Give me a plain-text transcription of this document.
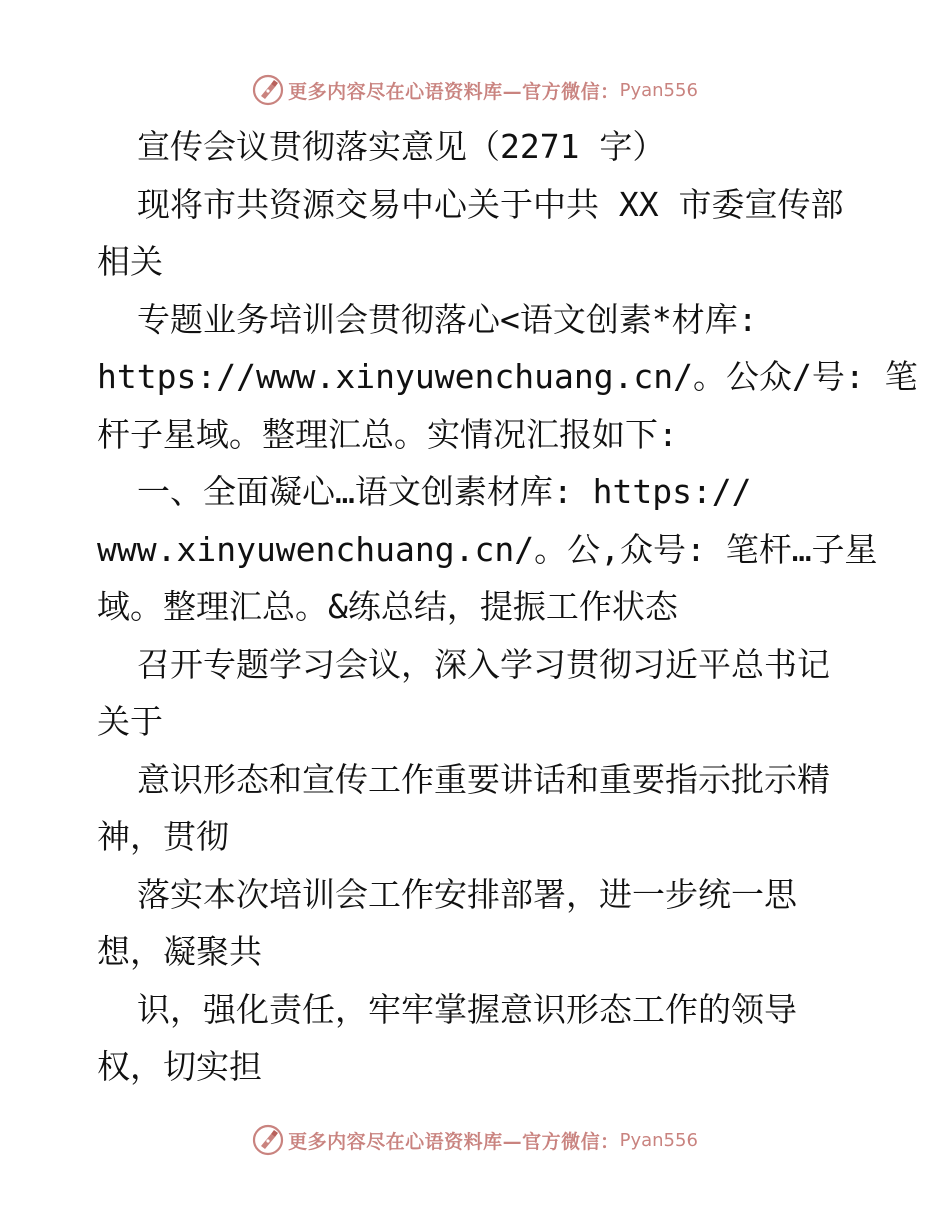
更多内容尽在心语资料库—官方微信： Pyan556
宣传会议贯彻落实意见（2271 字）
现将市共资源交易中心关于中共 XX 市委宣传部
相关
专题业务培训会贯彻落心<语文创素*材库:
https://www.xinyuwenchuang.cn/。公众/号: 笔
杆子星域。整理汇总。实情况汇报如下:
一、全面凝心…语文创素材库: https://
www.xinyuwenchuang.cn/。公,众号: 笔杆…子星
域。整理汇总。&练总结，提振工作状态
召开专题学习会议，深入学习贯彻习近平总书记
关于
意识形态和宣传工作重要讲话和重要指示批示精
神，贯彻
落实本次培训会工作安排部署，进一步统一思
想，凝聚共
识，强化责任，牢牢掌握意识形态工作的领导
权，切实担
更多内容尽在心语资料库—官方微信： Pyan556
